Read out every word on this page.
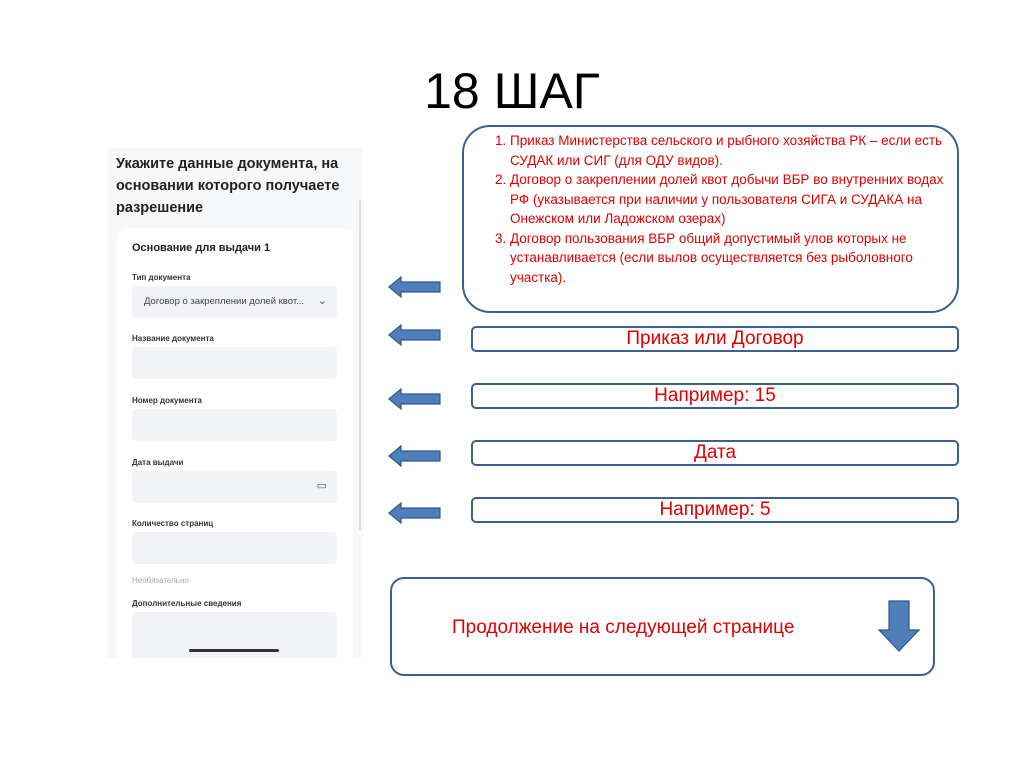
18 ШАГ
Укажите данные документа, на основании которого получаете разрешение
Основание для выдачи 1
Тип документа
Договор о закреплении долей квот... ⌄
Название документа
Номер документа
Дата выдачи
▭
Количество страниц
Необязательно
Дополнительные сведения
1. Приказ Министерства сельского и рыбного хозяйства РК – если есть СУДАК или СИГ (для ОДУ видов).
2. Договор о закреплении долей квот добычи ВБР во внутренних водах РФ (указывается при наличии у пользователя СИГА и СУДАКА на Онежском или Ладожском озерах)
3. Договор пользования ВБР общий допустимый улов которых не устанавливается (если вылов осуществляется без рыболовного участка).
Приказ или Договор
Например: 15
Дата
Например: 5
Продолжение на следующей странице
